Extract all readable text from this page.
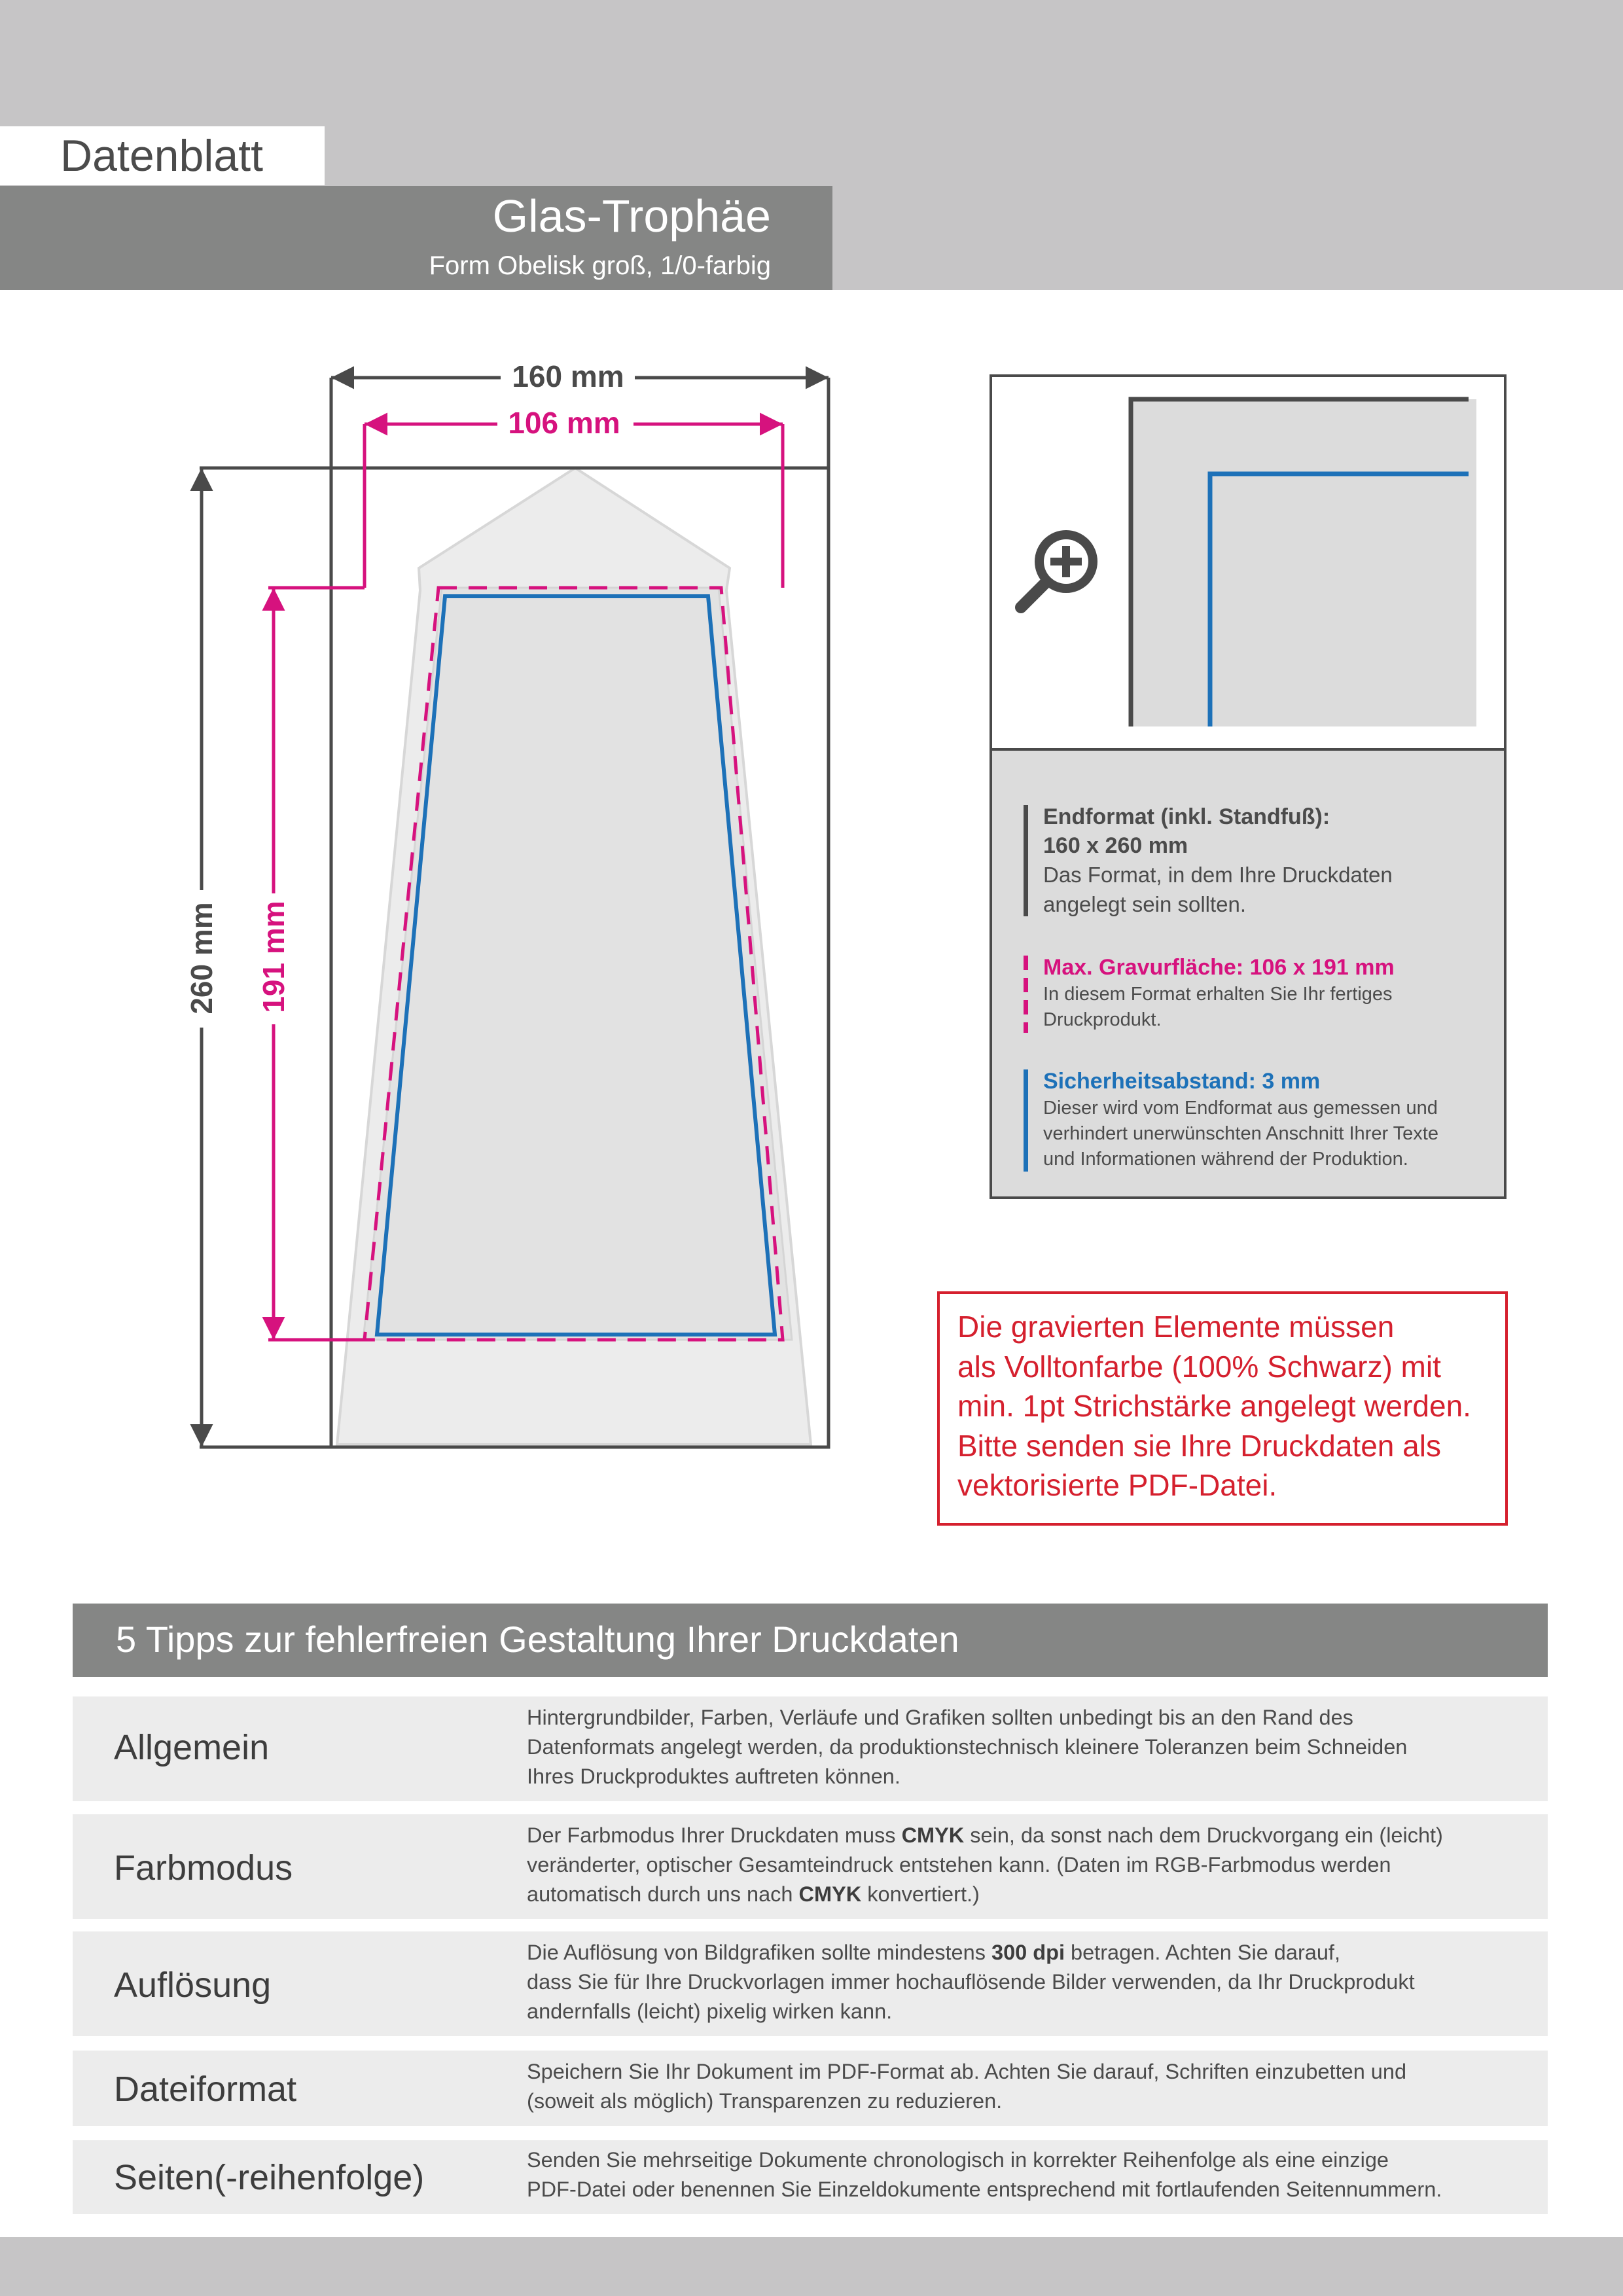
Datenblatt
Glas-Trophäe
Form Obelisk groß, 1/0-farbig
160 mm
106 mm
260 mm 191 mm
Endformat (inkl. Standfuß):
160 x 260 mm
Das Format, in dem Ihre Druckdaten
angelegt sein sollten.
Max. Gravurfläche: 106 x 191 mm
In diesem Format erhalten Sie Ihr fertiges
Druckprodukt.
Sicherheitsabstand: 3 mm
Dieser wird vom Endformat aus gemessen und
verhindert unerwünschten Anschnitt Ihrer Texte
und Informationen während der Produktion.
Die gravierten Elemente müssen
als Volltonfarbe (100% Schwarz) mit
min. 1pt Strichstärke angelegt werden.
Bitte senden sie Ihre Druckdaten als
vektorisierte PDF-Datei.
5 Tipps zur fehlerfreien Gestaltung Ihrer Druckdaten
Allgemein
Hintergrundbilder, Farben, Verläufe und Grafiken sollten unbedingt bis an den Rand des
Datenformats angelegt werden, da produktionstechnisch kleinere Toleranzen beim Schneiden
Ihres Druckproduktes auftreten können.
Farbmodus
Der Farbmodus Ihrer Druckdaten muss CMYK sein, da sonst nach dem Druckvorgang ein (leicht)
veränderter, optischer Gesamteindruck entstehen kann. (Daten im RGB-Farbmodus werden
automatisch durch uns nach CMYK konvertiert.)
Auflösung
Die Auflösung von Bildgrafiken sollte mindestens 300 dpi betragen. Achten Sie darauf,
dass Sie für Ihre Druckvorlagen immer hochauflösende Bilder verwenden, da Ihr Druckprodukt
andernfalls (leicht) pixelig wirken kann.
Dateiformat	Speichern Sie Ihr Dokument im PDF-Format ab. Achten Sie darauf, Schriften einzubetten und
(soweit als möglich) Transparenzen zu reduzieren.
Seiten(-reihenfolge)	Senden Sie mehrseitige Dokumente chronologisch in korrekter Reihenfolge als eine einzige
PDF-Datei oder benennen Sie Einzeldokumente entsprechend mit fortlaufenden Seitennummern.
